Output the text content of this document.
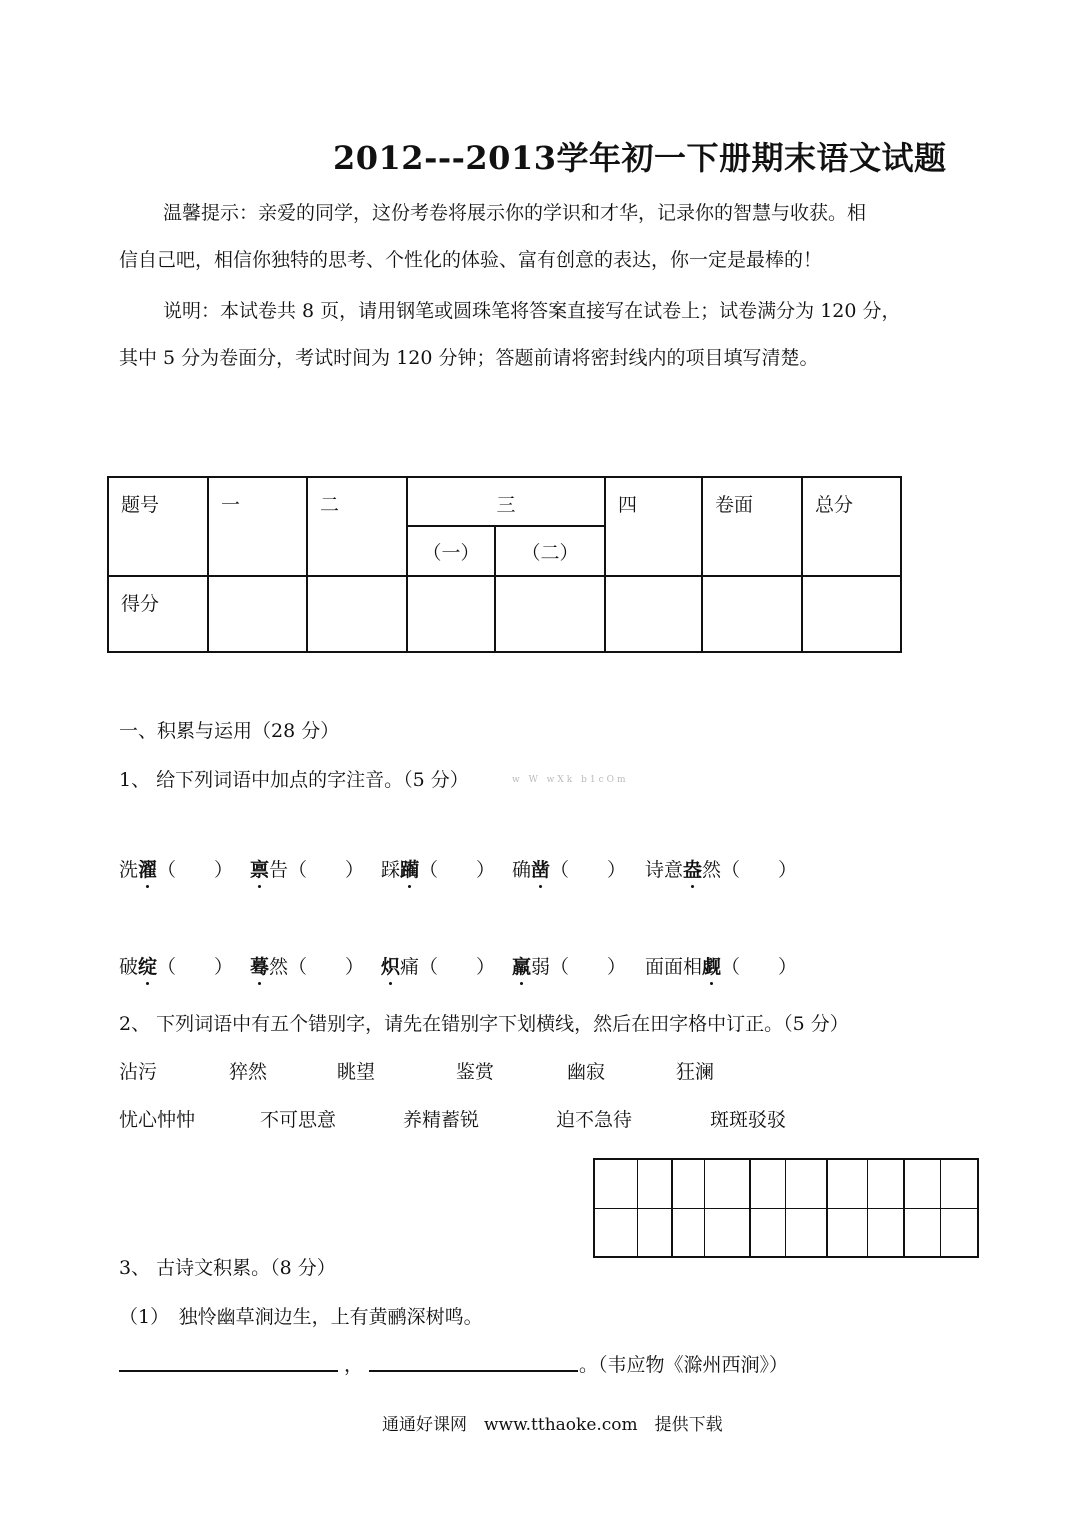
2012---2013学年初一下册期末语文试题
温馨提示：亲爱的同学，这份考卷将展示你的学识和才华，记录你的智慧与收获。相
信自己吧，相信你独特的思考、个性化的体验、富有创意的表达，你一定是最棒的！
说明：本试卷共 8 页，请用钢笔或圆珠笔将答案直接写在试卷上；试卷满分为 120 分，
其中 5 分为卷面分，考试时间为 120 分钟；答题前请将密封线内的项目填写清楚。
题号	一	二	三		四	卷面	总分

			（一）	（二）			

得分							

一、积累与运用（28 分）
1、 给下列词语中加点的字注音。（5 分）	w W wXk b1cOm
洗濯（　　） 禀告（　　） 踩躏（　　） 确凿（　　） 诗意盎然（　　）
破绽（　　） 蓦然（　　） 炽痛（　　） 羸弱（　　） 面面相觑（　　）
2、 下列词语中有五个错别字，请先在错别字下划横线，然后在田字格中订正。（5 分）
沾污	猝然	眺望	鉴赏	幽寂	狂澜
忧心忡忡	不可思意	养精蓄锐	迫不急待	斑斑驳驳
3、 古诗文积累。（8 分）
（1）　独怜幽草涧边生，上有黄鹂深树鸣。
，	。（韦应物《滁州西涧》）
通通好课网　www.tthaoke.com　提供下载
